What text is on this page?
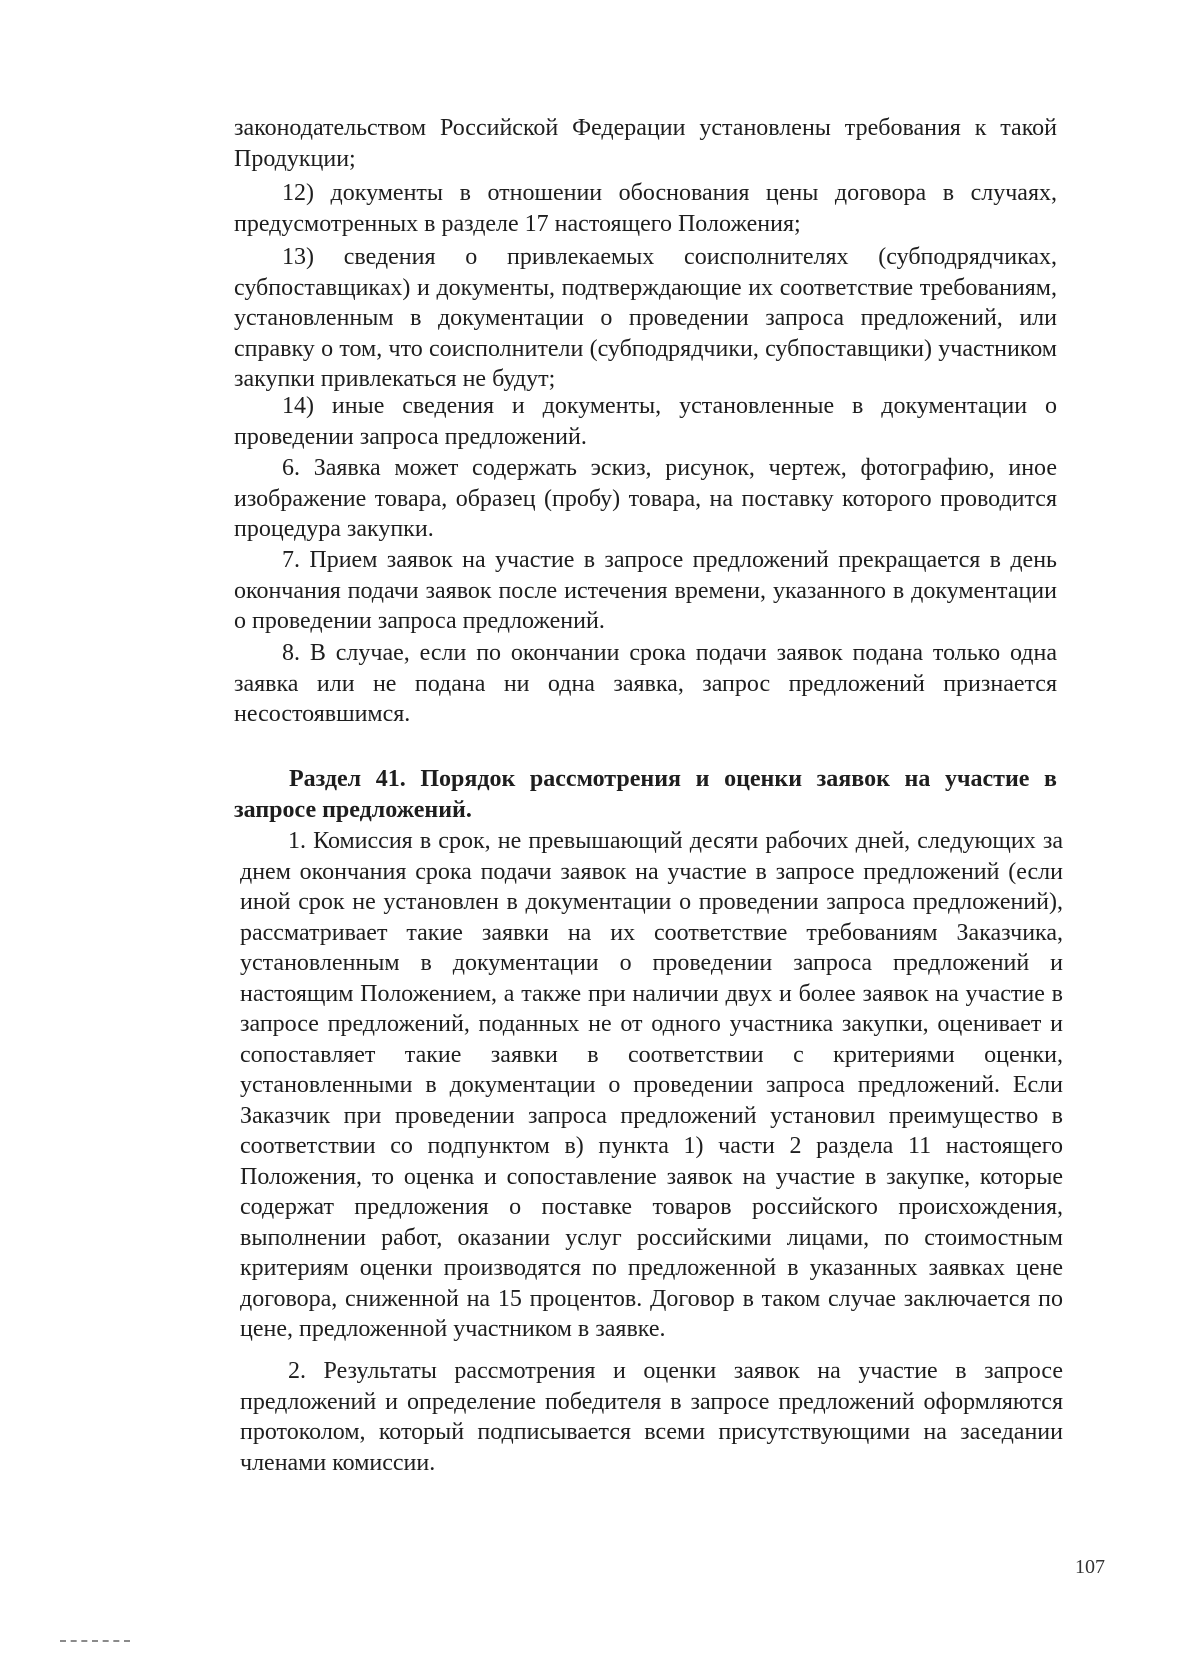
законодательством Российской Федерации установлены требования к такой Продукции;

12) документы в отношении обоснования цены договора в случаях, предусмотренных в разделе 17 настоящего Положения;

13) сведения о привлекаемых соисполнителях (субподрядчиках, субпоставщиках) и документы, подтверждающие их соответствие требованиям, установленным в документации о проведении запроса предложений, или справку о том, что соисполнители (субподрядчики, субпоставщики) участником закупки привлекаться не будут;

14) иные сведения и документы, установленные в документации о проведении запроса предложений.

6. Заявка может содержать эскиз, рисунок, чертеж, фотографию, иное изображение товара, образец (пробу) товара, на поставку которого проводится процедура закупки.

7. Прием заявок на участие в запросе предложений прекращается в день окончания подачи заявок после истечения времени, указанного в документации о проведении запроса предложений.

8. В случае, если по окончании срока подачи заявок подана только одна заявка или не подана ни одна заявка, запрос предложений признается несостоявшимся.

Раздел 41. Порядок рассмотрения и оценки заявок на участие в запросе предложений.

1. Комиссия в срок, не превышающий десяти рабочих дней, следующих за днем окончания срока подачи заявок на участие в запросе предложений (если иной срок не установлен в документации о проведении запроса предложений), рассматривает такие заявки на их соответствие требованиям Заказчика, установленным в документации о проведении запроса предложений и настоящим Положением, а также при наличии двух и более заявок на участие в запросе предложений, поданных не от одного участника закупки, оценивает и сопоставляет такие заявки в соответствии с критериями оценки, установленными в документации о проведении запроса предложений. Если Заказчик при проведении запроса предложений установил преимущество в соответствии со подпунктом в) пункта 1) части 2 раздела 11 настоящего Положения, то оценка и сопоставление заявок на участие в закупке, которые содержат предложения о поставке товаров российского происхождения, выполнении работ, оказании услуг российскими лицами, по стоимостным критериям оценки производятся по предложенной в указанных заявках цене договора, сниженной на 15 процентов. Договор в таком случае заключается по цене, предложенной участником в заявке.

2. Результаты рассмотрения и оценки заявок на участие в запросе предложений и определение победителя в запросе предложений оформляются протоколом, который подписывается всеми присутствующими на заседании членами комиссии.

107
